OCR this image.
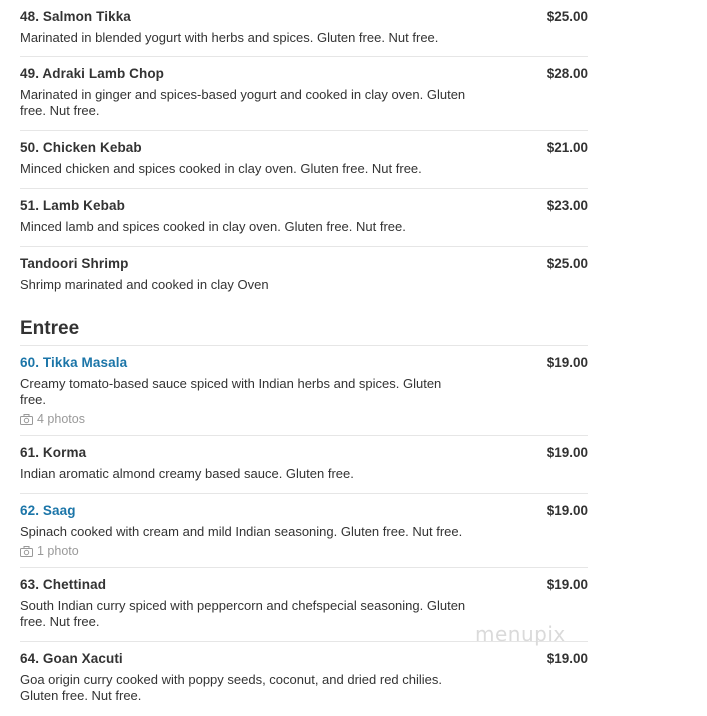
48. Salmon Tikka	$25.00
Marinated in blended yogurt with herbs and spices. Gluten free. Nut free.
49. Adraki Lamb Chop	$28.00
Marinated in ginger and spices-based yogurt and cooked in clay oven. Gluten free. Nut free.
50. Chicken Kebab	$21.00
Minced chicken and spices cooked in clay oven. Gluten free. Nut free.
51. Lamb Kebab	$23.00
Minced lamb and spices cooked in clay oven. Gluten free. Nut free.
Tandoori Shrimp	$25.00
Shrimp marinated and cooked in clay Oven
Entree
60. Tikka Masala	$19.00
Creamy tomato-based sauce spiced with Indian herbs and spices. Gluten free.
4 photos
61. Korma	$19.00
Indian aromatic almond creamy based sauce. Gluten free.
62. Saag	$19.00
Spinach cooked with cream and mild Indian seasoning. Gluten free. Nut free.
1 photo
63. Chettinad	$19.00
South Indian curry spiced with peppercorn and chefspecial seasoning. Gluten free. Nut free.
64. Goan Xacuti	$19.00
Goa origin curry cooked with poppy seeds, coconut, and dried red chilies. Gluten free. Nut free.
menupix
